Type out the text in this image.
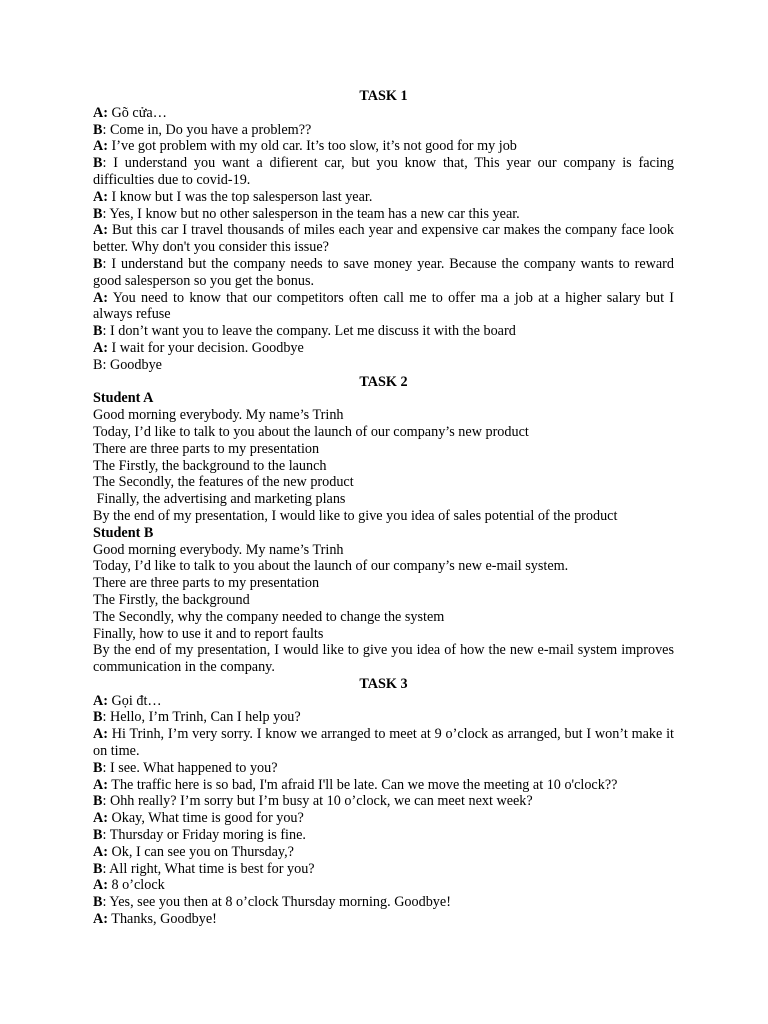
TASK 1
A: Gõ cửa…
B: Come in, Do you have a problem??
A: I’ve got problem with my old car. It’s too slow, it’s not good for my job
B: I understand you want a difierent car, but you know that, This year our company is facing difficulties due to covid-19.
A: I know but I was the top salesperson last year.
B: Yes, I know but no other salesperson in the team has a new car this year.
A: But this car I travel thousands of miles each year and expensive car makes the company face look better. Why don't you consider this issue?
B: I understand but the company needs to save money year. Because the company wants to reward good salesperson so you get the bonus.
A: You need to know that our competitors often call me to offer ma a job at a higher salary but I always refuse
B: I don’t want you to leave the company. Let me discuss it with the board
A: I wait for your decision. Goodbye
B: Goodbye
TASK 2
Student A
Good morning everybody. My name’s Trinh
Today, I’d like to talk to you about the launch of our company’s new product
There are three parts to my presentation
The Firstly, the background to the launch
The Secondly, the features of the new product
Finally, the advertising and marketing plans
By the end of my presentation, I would like to give you idea of sales potential of the product
Student B
Good morning everybody. My name’s Trinh
Today, I’d like to talk to you about the launch of our company’s new e-mail system.
There are three parts to my presentation
The Firstly, the background
The Secondly, why the company needed to change the system
Finally, how to use it and to report faults
By the end of my presentation, I would like to give you idea of how the new e-mail system improves communication in the company.
TASK 3
A: Gọi đt…
B: Hello, I’m Trinh, Can I help you?
A: Hi Trinh, I’m very sorry. I know we arranged to meet at 9 o’clock as arranged, but I won’t make it on time.
B: I see. What happened to you?
A: The traffic here is so bad, I'm afraid I'll be late. Can we move the meeting at 10 o'clock??
B: Ohh really? I’m sorry but I’m busy at 10 o’clock, we can meet next week?
A: Okay, What time is good for you?
B: Thursday or Friday moring is fine.
A: Ok, I can see you on Thursday,?
B: All right, What time is best for you?
A: 8 o’clock
B: Yes, see you then at 8 o’clock Thursday morning. Goodbye!
A: Thanks, Goodbye!
